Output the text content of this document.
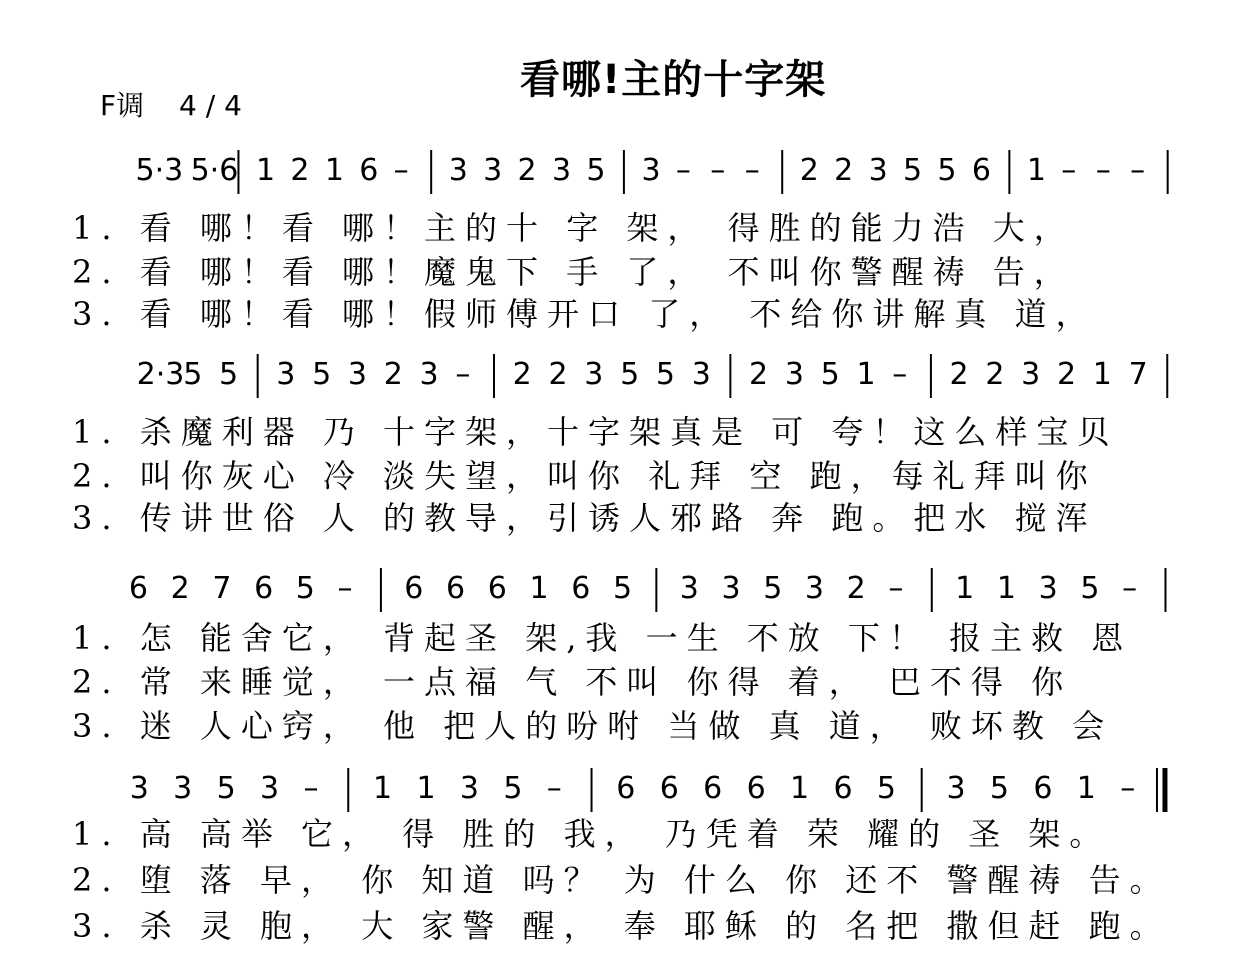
看哪!主的十字架
F调 4 / 4
5·3 5·6 1 2 1 6 – 3 3 2 3 5 3 – – – 2 2 3 5 5 6 1 – – –
1. 看 哪！看 哪！主的十 字 架， 得胜的能力浩 大，
2. 看 哪！看 哪！魔鬼下 手 了， 不叫你警醒祷 告，
3. 看 哪！看 哪！假师傅开口 了， 不给你讲解真 道，
2·3
5 5 3 5 3 2 3 – 2 2 3 5 5 3 2 3 5 1 – 2 2 3 2 1 7
1. 杀魔利器 乃 十字架，十字架真是 可 夸！这么样宝贝
2. 叫你灰心 冷 淡失望，叫你 礼拜 空 跑，每礼拜叫你
3. 传讲世俗 人 的教导，引诱人邪路 奔 跑。把水 搅浑
6 2 7 6 5 – 6 6 6 1 6 5 3 3 5 3 2 – 1 1 3 5 –
1. 怎 能舍它， 背起圣 架,我 一生 不放 下！ 报主救 恩
2. 常 来睡觉， 一点福 气 不叫 你得 着， 巴不得 你
3. 迷 人心窍， 他 把人的吩咐 当做 真 道， 败坏教 会
3 3 5 3 – 1 1 3 5 – 6 6 6 6 1 6 5 3 5 6 1 –
1. 高 高举 它， 得 胜的 我， 乃凭着 荣 耀的 圣 架。
2. 堕 落 早， 你 知道 吗？ 为 什么 你 还不 警醒祷 告。
3. 杀 灵 胞， 大 家警 醒， 奉 耶稣 的 名把 撒但赶 跑。
